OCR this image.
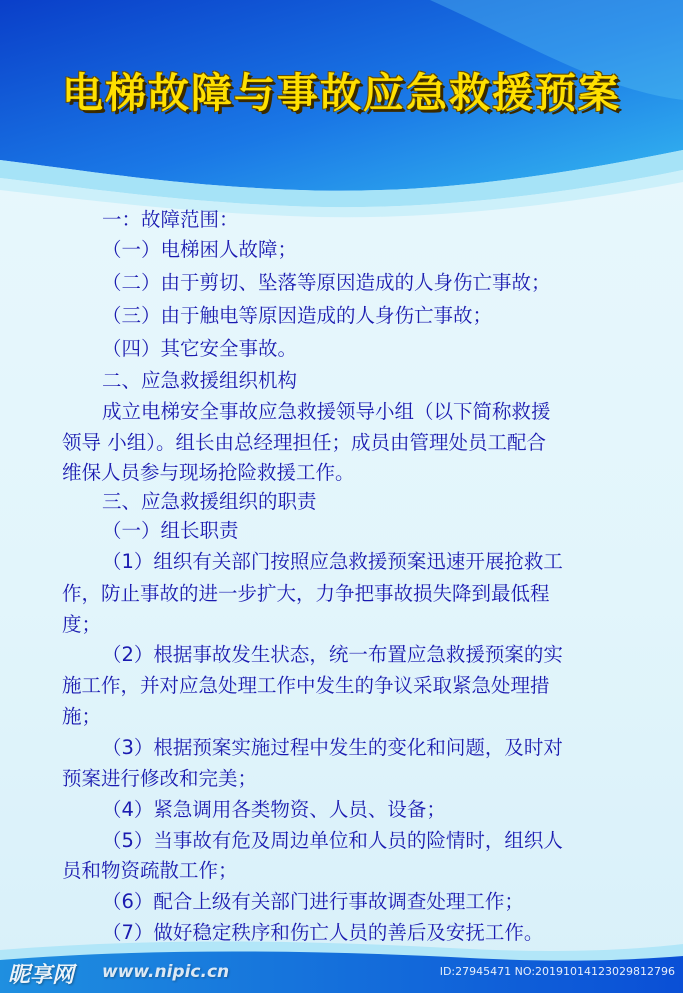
电梯故障与事故应急救援预案
一：故障范围：
（一）电梯困人故障；
（二）由于剪切、坠落等原因造成的人身伤亡事故；
（三）由于触电等原因造成的人身伤亡事故；
（四）其它安全事故。
二、应急救援组织机构
成立电梯安全事故应急救援领导小组（以下简称救援
领导 小组）。组长由总经理担任；成员由管理处员工配合
维保人员参与现场抢险救援工作。
三、应急救援组织的职责
（一）组长职责
（1）组织有关部门按照应急救援预案迅速开展抢救工
作，防止事故的进一步扩大，力争把事故损失降到最低程
度；
（2）根据事故发生状态，统一布置应急救援预案的实
施工作，并对应急处理工作中发生的争议采取紧急处理措
施；
（3）根据预案实施过程中发生的变化和问题，及时对
预案进行修改和完美；
（4）紧急调用各类物资、人员、设备；
（5）当事故有危及周边单位和人员的险情时，组织人
员和物资疏散工作；
（6）配合上级有关部门进行事故调查处理工作；
（7）做好稳定秩序和伤亡人员的善后及安抚工作。
昵享网 www.nipic.cn	ID:27945471 NO:20191014123029812796
